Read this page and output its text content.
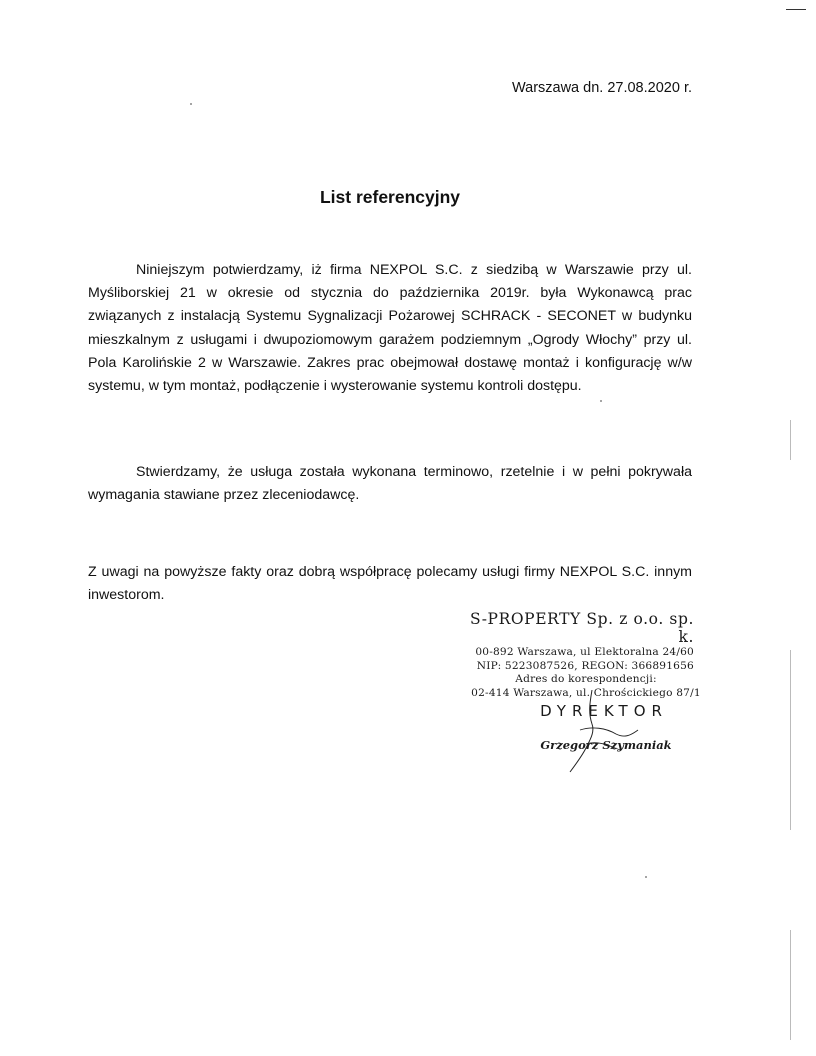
Warszawa dn. 27.08.2020 r.
List referencyjny
Niniejszym potwierdzamy, iż firma NEXPOL S.C. z siedzibą w Warszawie przy ul. Myśliborskiej 21 w okresie od stycznia do października 2019r. była Wykonawcą prac związanych z instalacją Systemu Sygnalizacji Pożarowej SCHRACK - SECONET w budynku mieszkalnym z usługami i dwupoziomowym garażem podziemnym „Ogrody Włochy” przy ul. Pola Karolińskie 2 w Warszawie. Zakres prac obejmował dostawę montaż i konfigurację w/w systemu, w tym montaż, podłączenie i wysterowanie systemu kontroli dostępu.
Stwierdzamy, że usługa została wykonana terminowo, rzetelnie i w pełni pokrywała wymagania stawiane przez zleceniodawcę.
Z uwagi na powyższe fakty oraz dobrą współpracę polecamy usługi firmy NEXPOL S.C. innym inwestorom.
S-PROPERTY Sp. z o.o. sp. k.
00-892 Warszawa, ul Elektoralna 24/60
NIP: 5223087526, REGON: 366891656
Adres do korespondencji:
02-414 Warszawa, ul. Chrościckiego 87/1
DYREKTOR
Grzegorz Szymaniak
